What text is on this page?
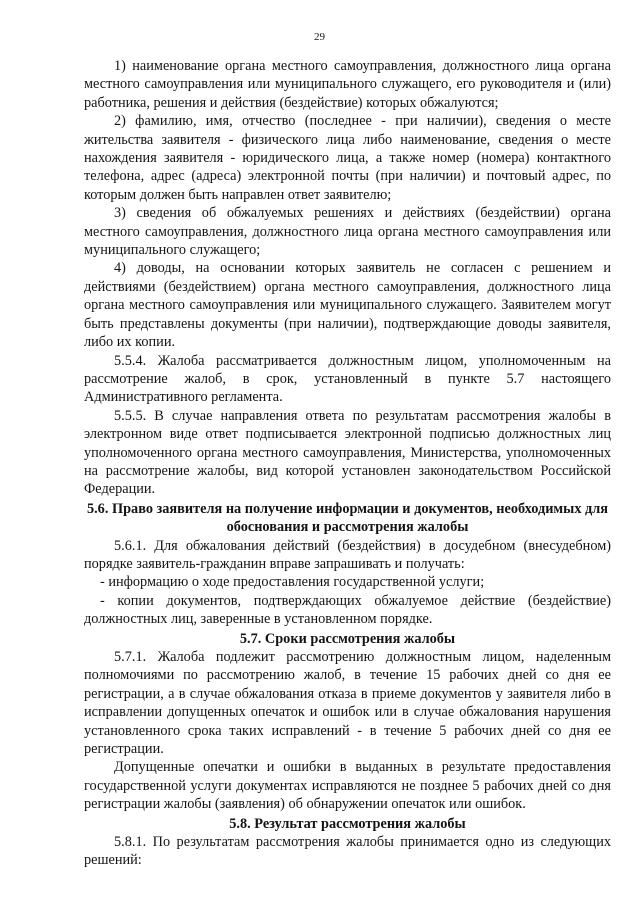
29

1) наименование органа местного самоуправления, должностного лица органа местного самоуправления или муниципального служащего, его руководителя и (или) работника, решения и действия (бездействие) которых обжалуются;

2) фамилию, имя, отчество (последнее - при наличии), сведения о месте жительства заявителя - физического лица либо наименование, сведения о месте нахождения заявителя - юридического лица, а также номер (номера) контактного телефона, адрес (адреса) электронной почты (при наличии) и почтовый адрес, по которым должен быть направлен ответ заявителю;

3) сведения об обжалуемых решениях и действиях (бездействии) органа местного самоуправления, должностного лица органа местного самоуправления или муниципального служащего;

4) доводы, на основании которых заявитель не согласен с решением и действиями (бездействием) органа местного самоуправления, должностного лица органа местного самоуправления или муниципального служащего. Заявителем могут быть представлены документы (при наличии), подтверждающие доводы заявителя, либо их копии.

5.5.4. Жалоба рассматривается должностным лицом, уполномоченным на рассмотрение жалоб, в срок, установленный в пункте 5.7 настоящего Административного регламента.

5.5.5. В случае направления ответа по результатам рассмотрения жалобы в электронном виде ответ подписывается электронной подписью должностных лиц уполномоченного органа местного самоуправления, Министерства, уполномоченных на рассмотрение жалобы, вид которой установлен законодательством Российской Федерации.

5.6. Право заявителя на получение информации и документов, необходимых для обоснования и рассмотрения жалобы

5.6.1. Для обжалования действий (бездействия) в досудебном (внесудебном) порядке заявитель-гражданин вправе запрашивать и получать:

- информацию о ходе предоставления государственной услуги;

- копии документов, подтверждающих обжалуемое действие (бездействие) должностных лиц, заверенные в установленном порядке.

5.7. Сроки рассмотрения жалобы

5.7.1. Жалоба подлежит рассмотрению должностным лицом, наделенным полномочиями по рассмотрению жалоб, в течение 15 рабочих дней со дня ее регистрации, а в случае обжалования отказа в приеме документов у заявителя либо в исправлении допущенных опечаток и ошибок или в случае обжалования нарушения установленного срока таких исправлений - в течение 5 рабочих дней со дня ее регистрации.

Допущенные опечатки и ошибки в выданных в результате предоставления государственной услуги документах исправляются не позднее 5 рабочих дней со дня регистрации жалобы (заявления) об обнаружении опечаток или ошибок.

5.8. Результат рассмотрения жалобы

5.8.1. По результатам рассмотрения жалобы принимается одно из следующих решений:
